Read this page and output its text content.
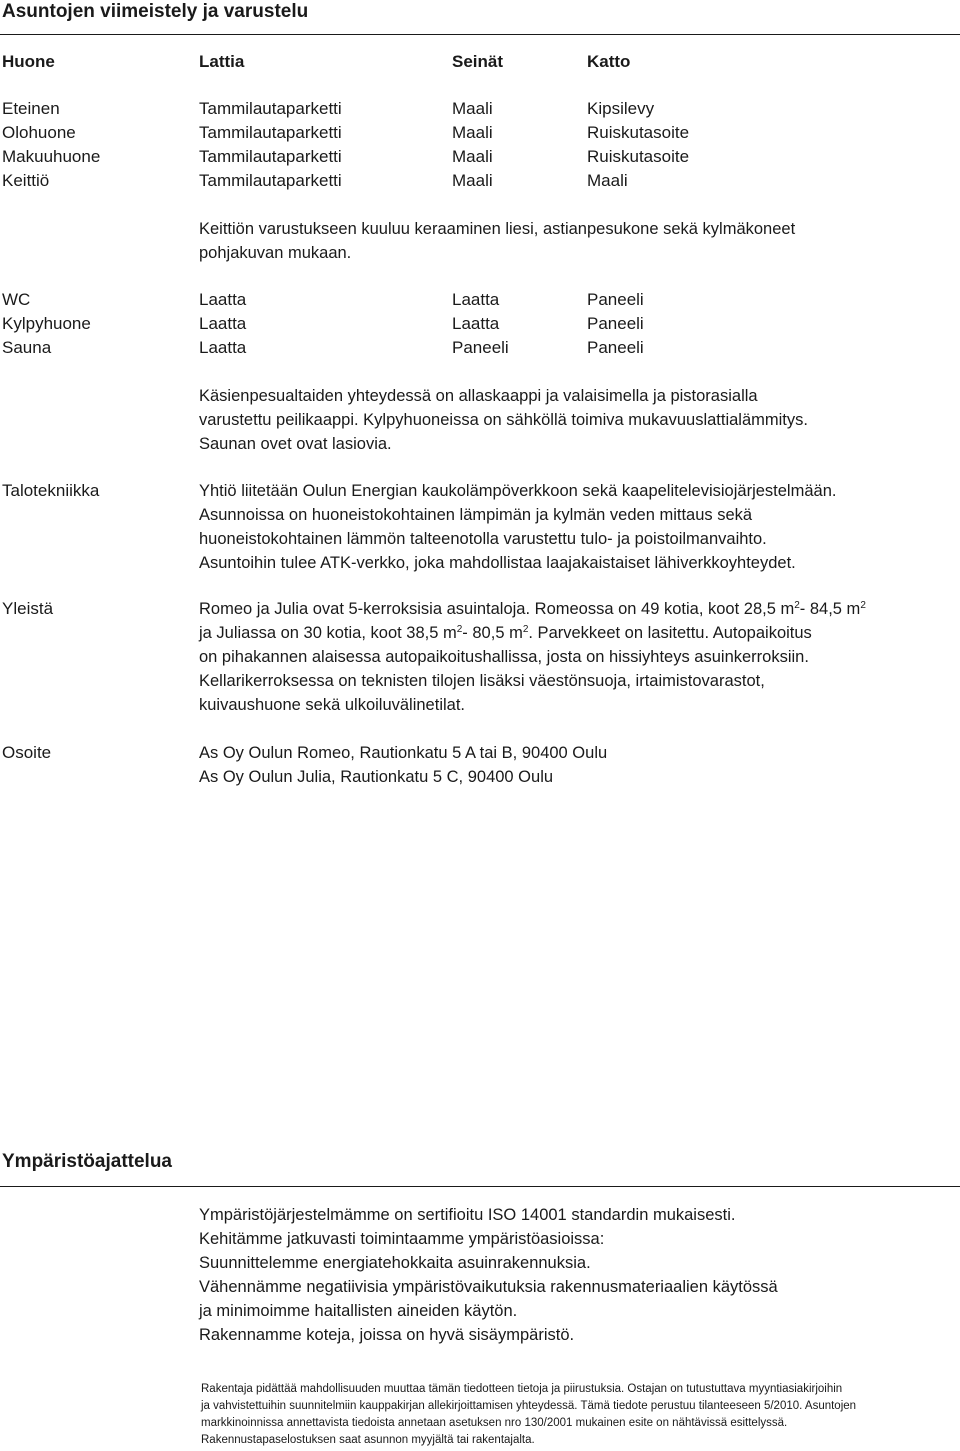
Asuntojen viimeistely ja varustelu
Huone	Lattia	Seinät	Katto
Eteinen	Tammilautaparketti	Maali	Kipsilevy
Olohuone	Tammilautaparketti	Maali	Ruiskutasoite
Makuuhuone	Tammilautaparketti	Maali	Ruiskutasoite
Keittiö	Tammilautaparketti	Maali	Maali
Keittiön varustukseen kuuluu keraaminen liesi, astianpesukone sekä kylmäkoneet
pohjakuvan mukaan.
WC	Laatta	Laatta	Paneeli
Kylpyhuone	Laatta	Laatta	Paneeli
Sauna	Laatta	Paneeli	Paneeli
Käsienpesualtaiden yhteydessä on allaskaappi ja valaisimella ja pistorasialla
varustettu peilikaappi. Kylpyhuoneissa on sähköllä toimiva mukavuuslattialämmitys.
Saunan ovet ovat lasiovia.
Talotekniikka	Yhtiö liitetään Oulun Energian kaukolämpöverkkoon sekä kaapelitelevisiojärjestelmään.
Asunnoissa on huoneistokohtainen lämpimän ja kylmän veden mittaus sekä
huoneistokohtainen lämmön talteenotolla varustettu tulo- ja poistoilmanvaihto.
Asuntoihin tulee ATK-verkko, joka mahdollistaa laajakaistaiset lähiverkkoyhteydet.
Yleistä	Romeo ja Julia ovat 5-kerroksisia asuintaloja. Romeossa on 49 kotia, koot 28,5 $m^2-$ 84,5 $m^2$
ja Juliassa on 30 kotia, koot 38,5 $m^2-$ 80,5 $m^2$. Parvekkeet on lasitettu. Autopaikoitus
on pihakannen alaisessa autopaikoitushallissa, josta on hissiyhteys asuinkerroksiin.
Kellarikerroksessa on teknisten tilojen lisäksi väestönsuoja, irtaimistovarastot,
kuivaushuone sekä ulkoiluvälinetilat.
Osoite	As Oy Oulun Romeo, Rautionkatu 5 A tai B, 90400 Oulu
As Oy Oulun Julia, Rautionkatu 5 C, 90400 Oulu
Ympäristöajattelua
Ympäristöjärjestelmämme on sertifioitu ISO 14001 standardin mukaisesti.
Kehitämme jatkuvasti toimintaamme ympäristöasioissa:
Suunnittelemme energiatehokkaita asuinrakennuksia.
Vähennämme negatiivisia ympäristövaikutuksia rakennusmateriaalien käytössä
ja minimoimme haitallisten aineiden käytön.
Rakennamme koteja, joissa on hyvä sisäympäristö.
Rakentaja pidättää mahdollisuuden muuttaa tämän tiedotteen tietoja ja piirustuksia. Ostajan on tutustuttava myyntiasiakirjoihin
ja vahvistettuihin suunnitelmiin kauppakirjan allekirjoittamisen yhteydessä. Tämä tiedote perustuu tilanteeseen 5/2010. Asuntojen
markkinoinnissa annettavista tiedoista annetaan asetuksen nro 130/2001 mukainen esite on nähtävissä esittelyssä.
Rakennustapaselostuksen saat asunnon myyjältä tai rakentajalta.
